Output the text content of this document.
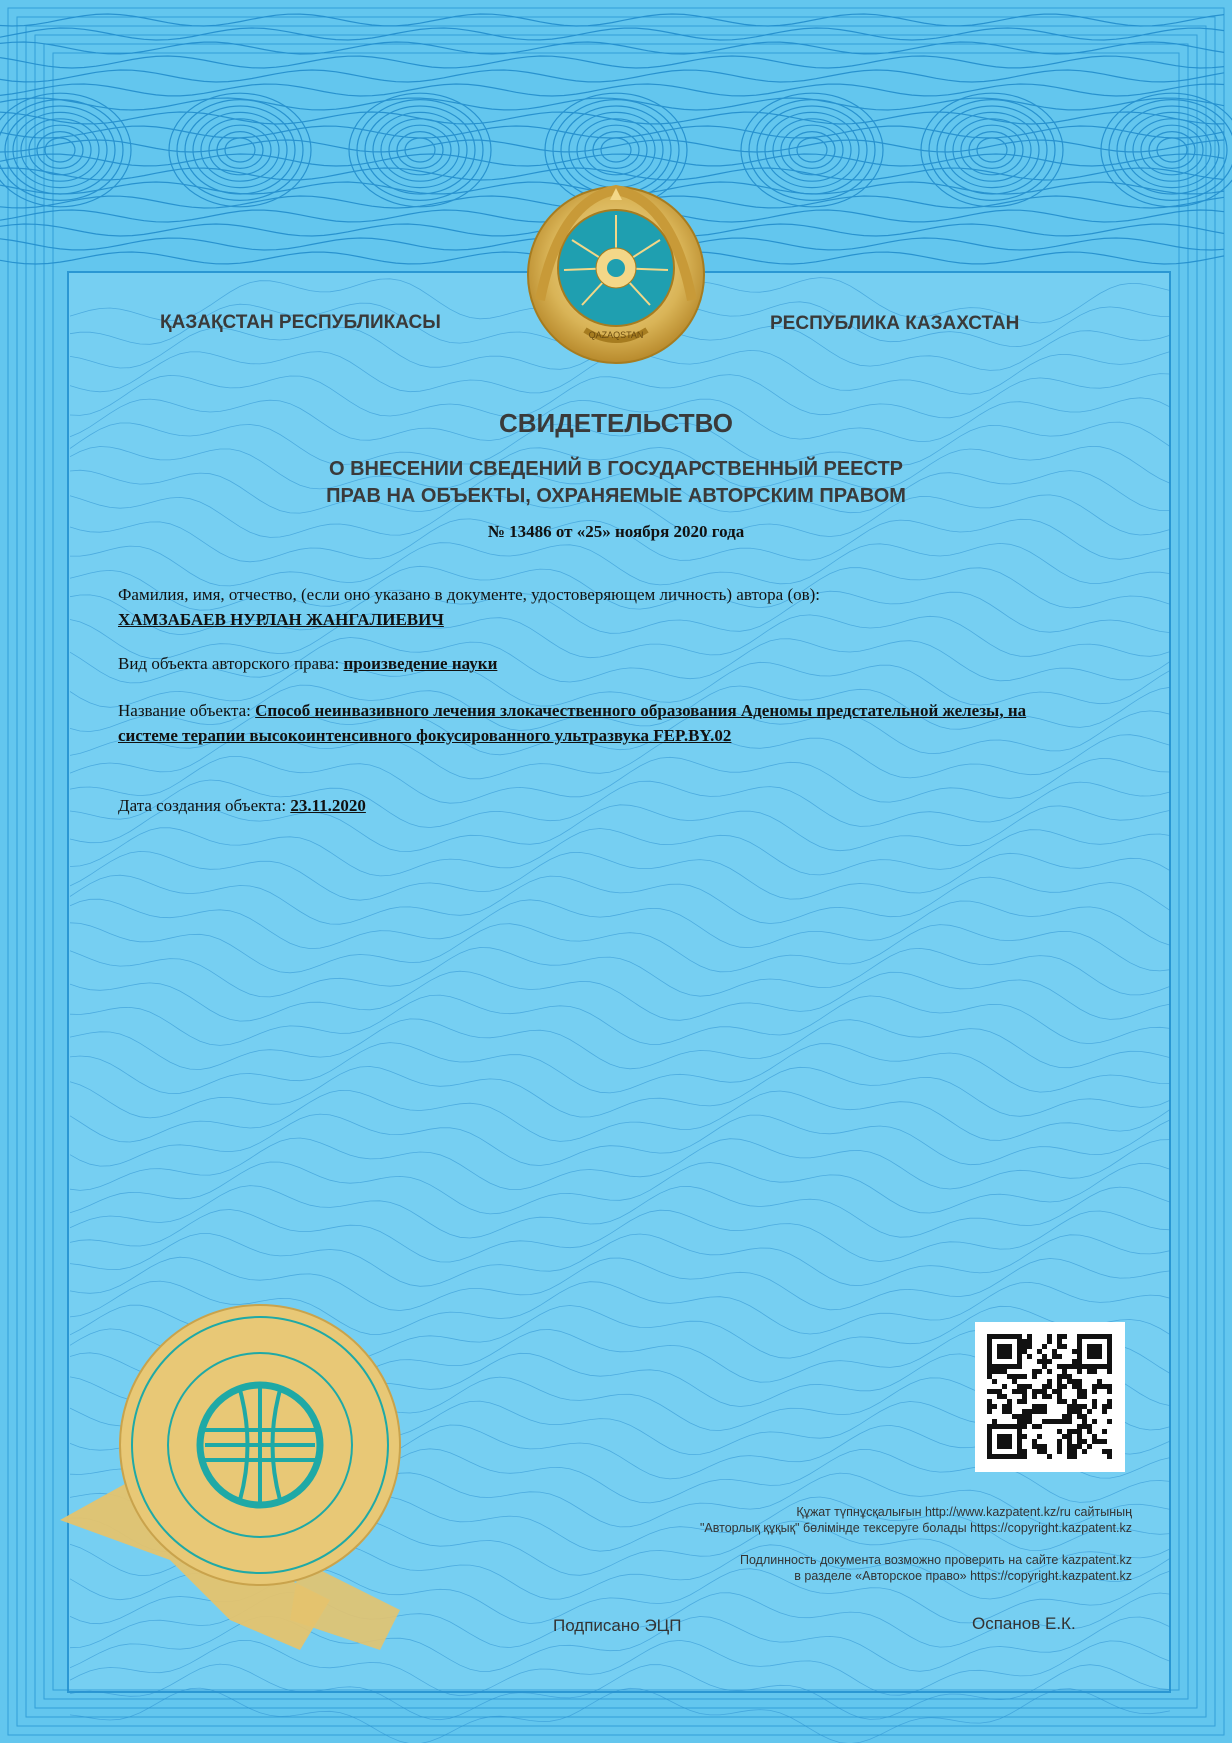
QAZAQSTAN
ҚАЗАҚСТАН РЕСПУБЛИКАСЫ	РЕСПУБЛИКА КАЗАХСТАН
СВИДЕТЕЛЬСТВО
О ВНЕСЕНИИ СВЕДЕНИЙ В ГОСУДАРСТВЕННЫЙ РЕЕСТР
ПРАВ НА ОБЪЕКТЫ, ОХРАНЯЕМЫЕ АВТОРСКИМ ПРАВОМ
№ 13486 от «25» ноября 2020 года
Фамилия, имя, отчество, (если оно указано в документе, удостоверяющем личность) автора (ов):
ХАМЗАБАЕВ НУРЛАН ЖАНГАЛИЕВИЧ
Вид объекта авторского права: произведение науки
Название объекта: Способ неинвазивного лечения злокачественного образования Аденомы предстательной железы, на системе терапии высокоинтенсивного фокусированного ультразвука FEP.BY.02
Дата создания объекта: 23.11.2020
Құжат түпнұсқалығын http://www.kazpatent.kz/ru сайтының
"Авторлық құқық" бөлімінде тексеруге болады https://copyright.kazpatent.kz
Подлинность документа возможно проверить на сайте kazpatent.kz
в разделе «Авторское право» https://copyright.kazpatent.kz
Подписано ЭЦП	Оспанов Е.К.
